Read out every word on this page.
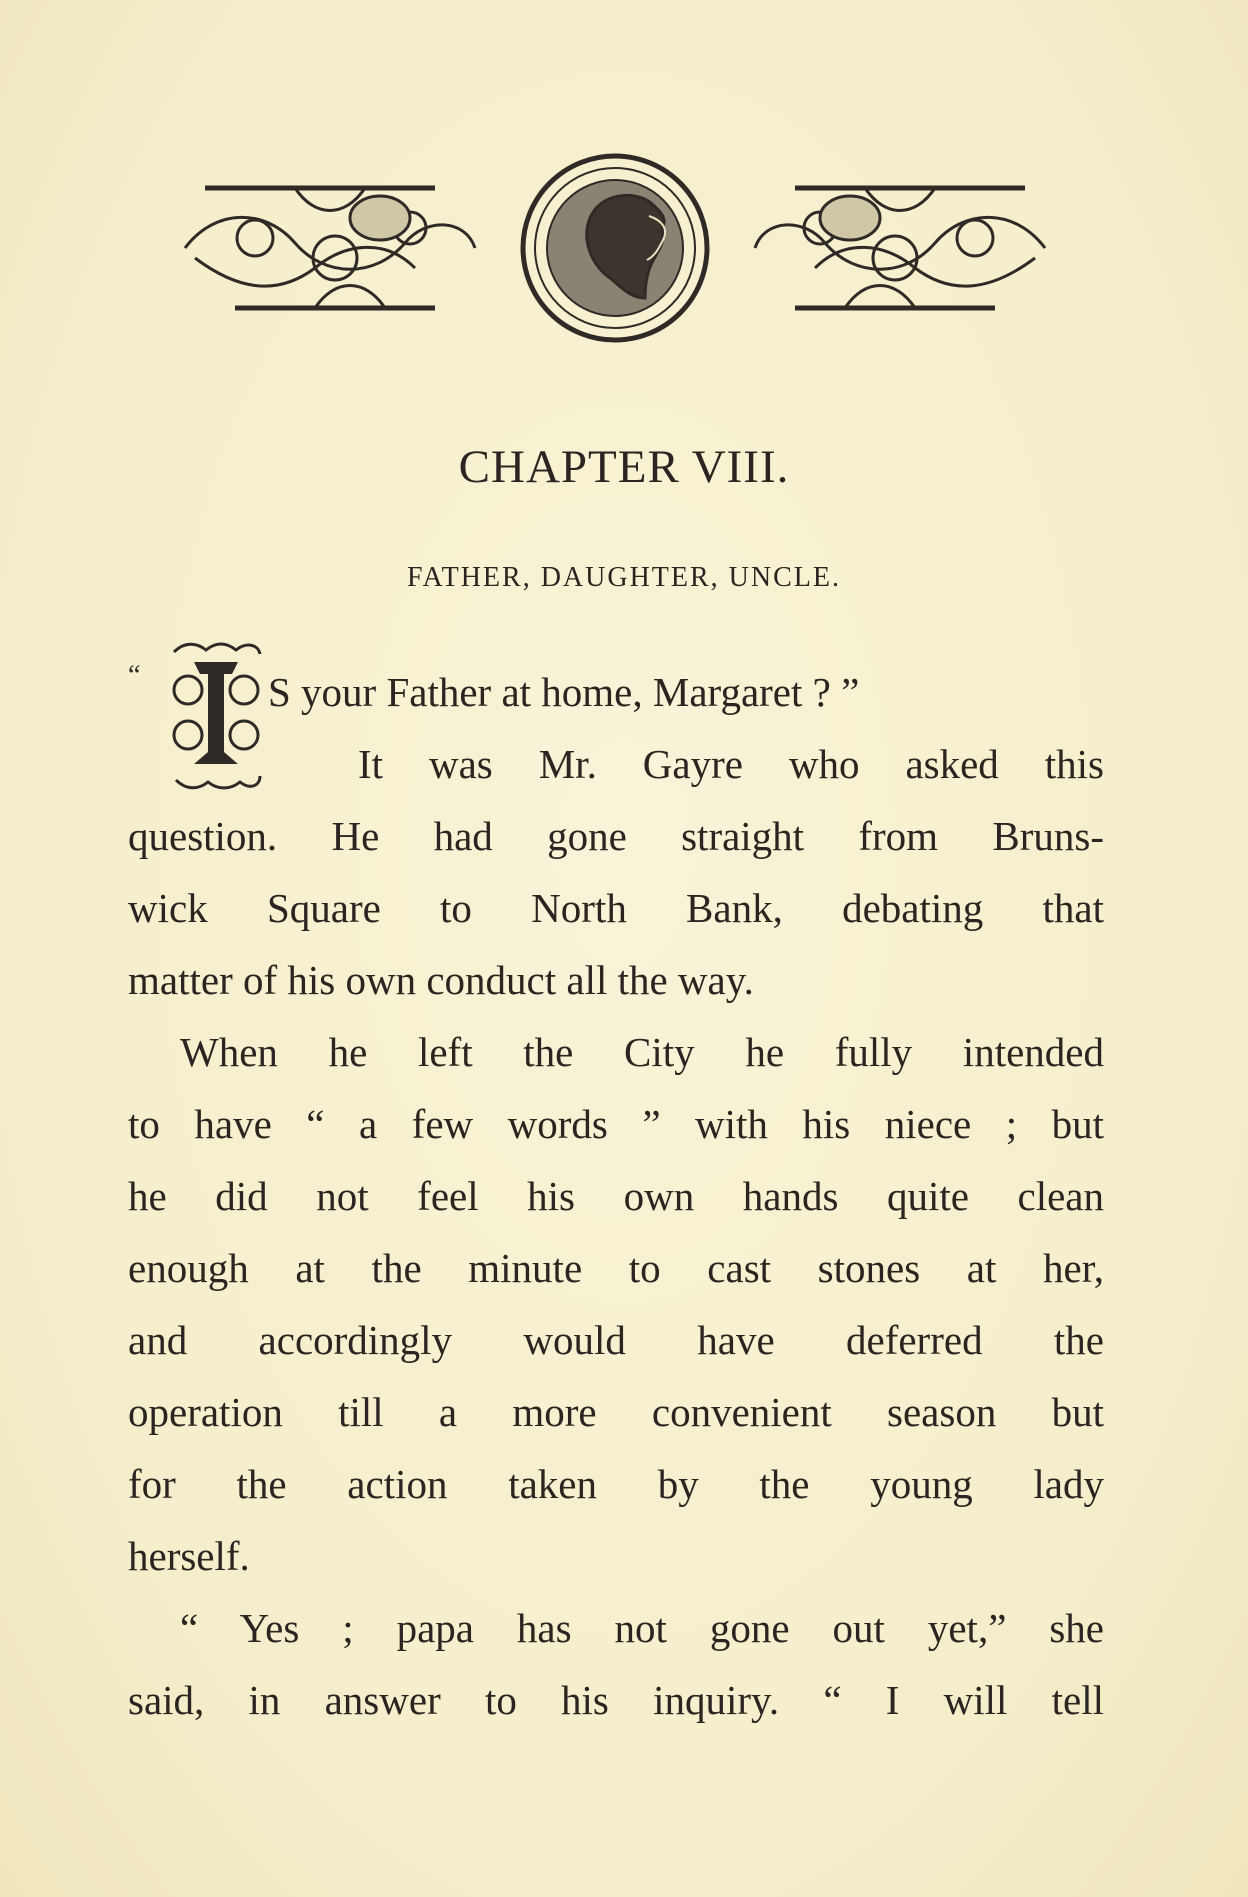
CHAPTER VIII.
FATHER, DAUGHTER, UNCLE.
“	S your Father at home, Margaret ? ”
It was Mr. Gayre who asked this
question. He had gone straight from Bruns-
wick Square to North Bank, debating that
matter of his own conduct all the way.
When he left the City he fully intended
to have “ a few words ” with his niece ; but
he did not feel his own hands quite clean
enough at the minute to cast stones at her,
and accordingly would have deferred the
operation till a more convenient season but
for the action taken by the young lady
herself.
“ Yes ; papa has not gone out yet,” she
said, in answer to his inquiry. “ I will tell
